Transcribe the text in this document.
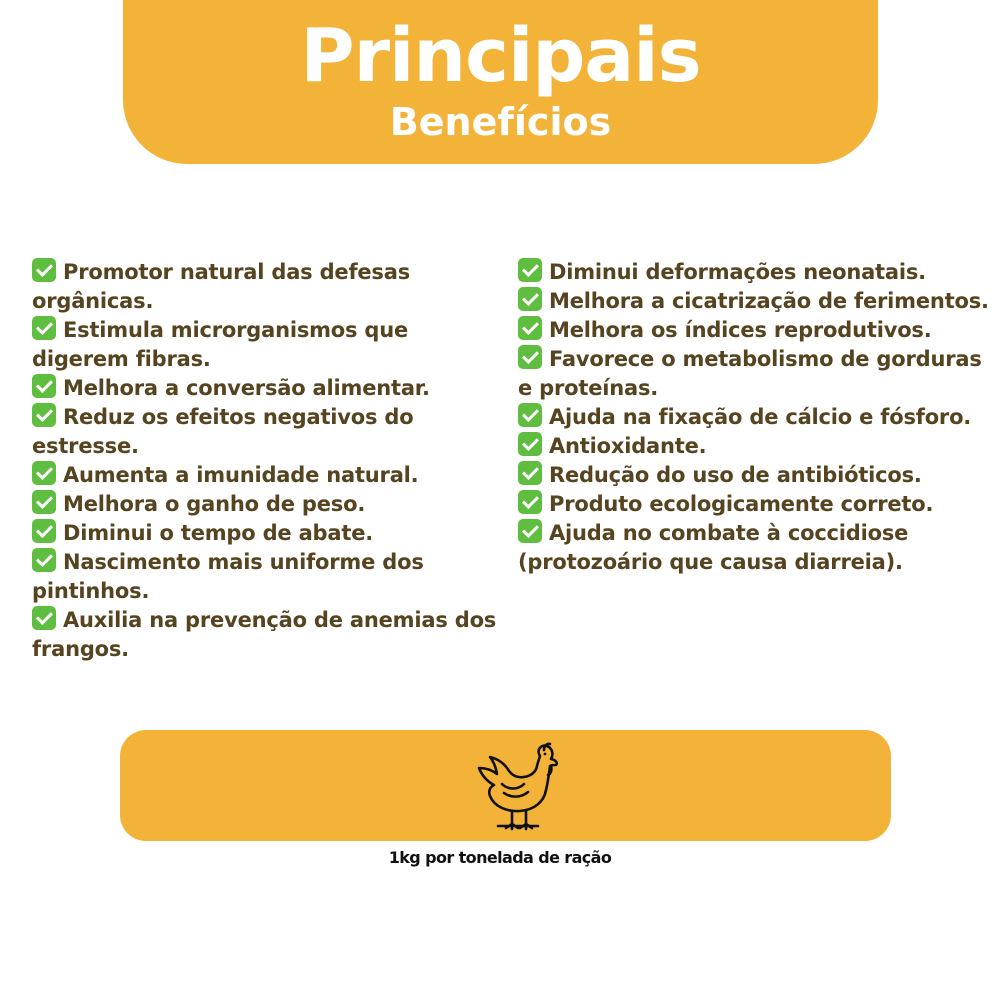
Principais
Benefícios
Promotor natural das defesas orgânicas.
Estimula microrganismos que digerem fibras.
Melhora a conversão alimentar.
Reduz os efeitos negativos do estresse.
Aumenta a imunidade natural.
Melhora o ganho de peso.
Diminui o tempo de abate.
Nascimento mais uniforme dos pintinhos.
Auxilia na prevenção de anemias dos frangos.
Diminui deformações neonatais.
Melhora a cicatrização de ferimentos.
Melhora os índices reprodutivos.
Favorece o metabolismo de gorduras e proteínas.
Ajuda na fixação de cálcio e fósforo.
Antioxidante.
Redução do uso de antibióticos.
Produto ecologicamente correto.
Ajuda no combate à coccidiose (protozoário que causa diarreia).
1kg por tonelada de ração
